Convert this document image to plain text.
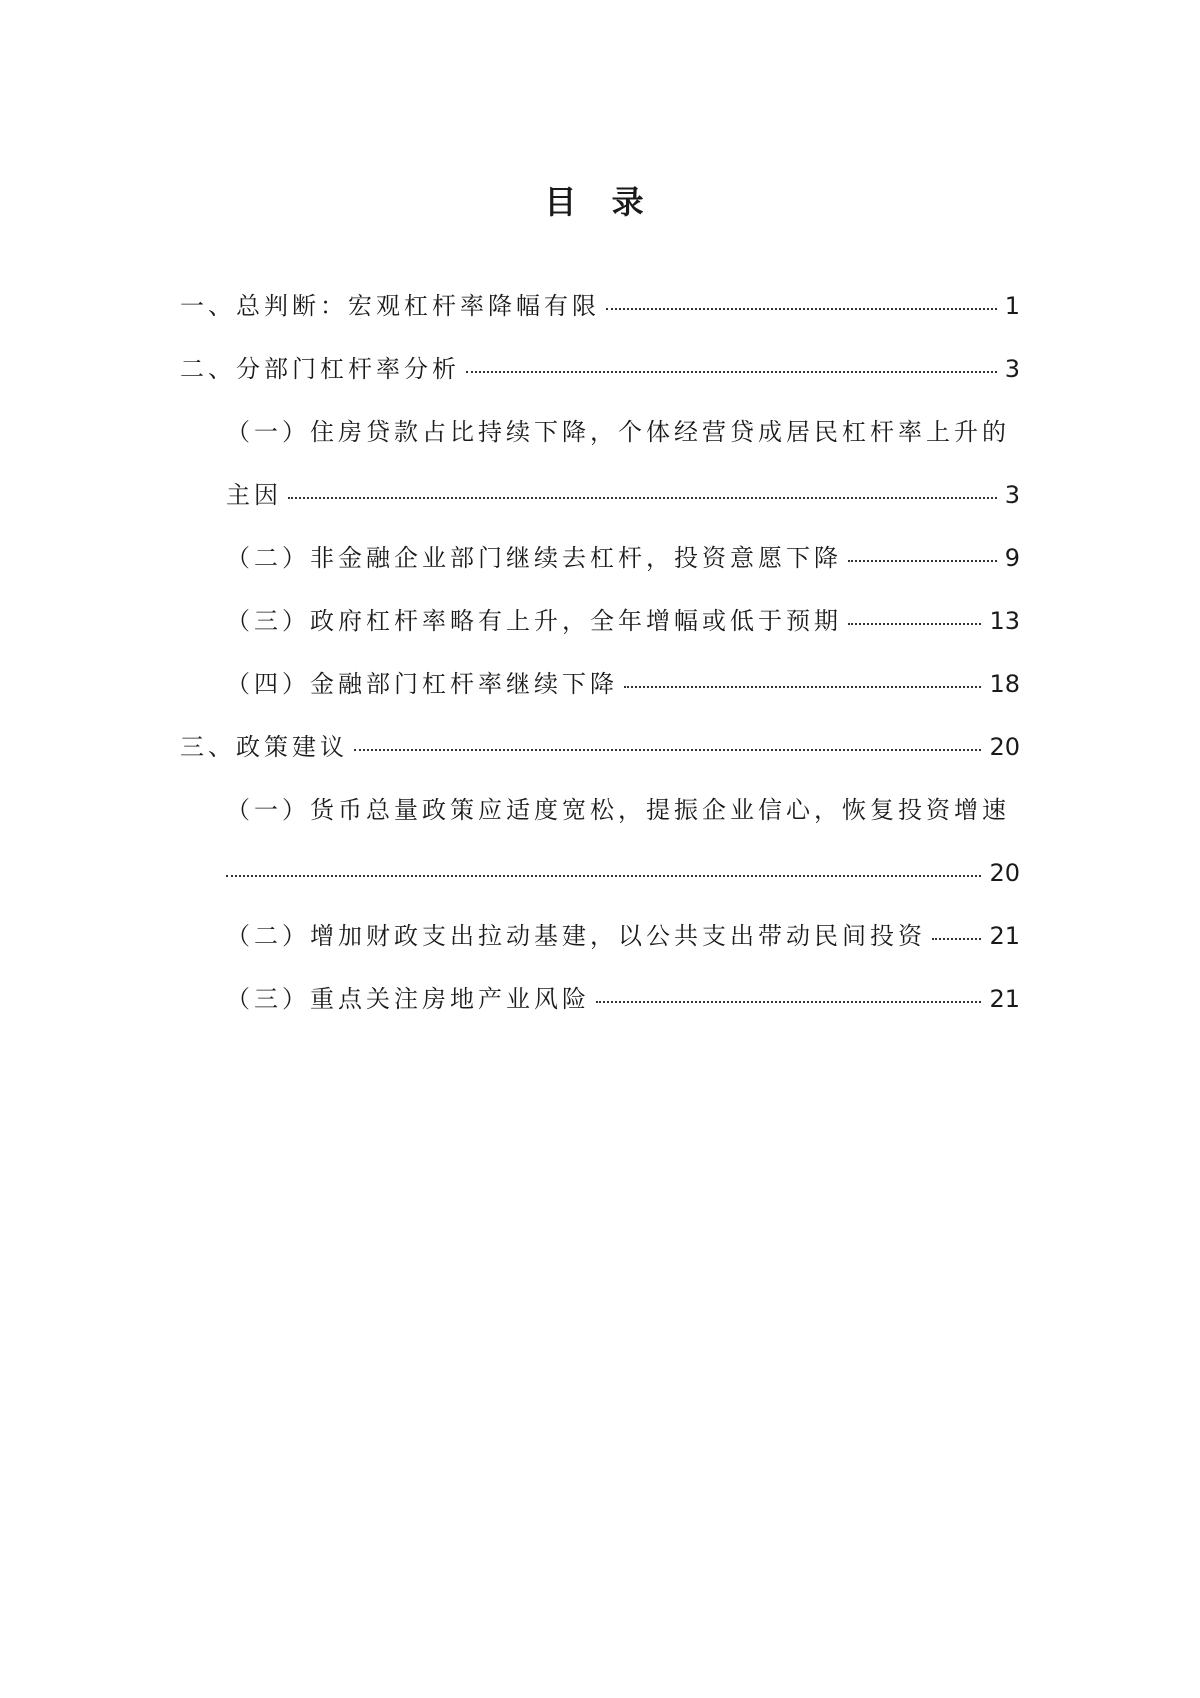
目 录
一、总判断：宏观杠杆率降幅有限	1
二、分部门杠杆率分析	3
（一）住房贷款占比持续下降，个体经营贷成居民杠杆率上升的
主因	3
（二）非金融企业部门继续去杠杆，投资意愿下降	9
（三）政府杠杆率略有上升，全年增幅或低于预期	13
（四）金融部门杠杆率继续下降	18
三、政策建议	20
（一）货币总量政策应适度宽松，提振企业信心，恢复投资增速
20
（二）增加财政支出拉动基建，以公共支出带动民间投资	21
（三）重点关注房地产业风险	21
